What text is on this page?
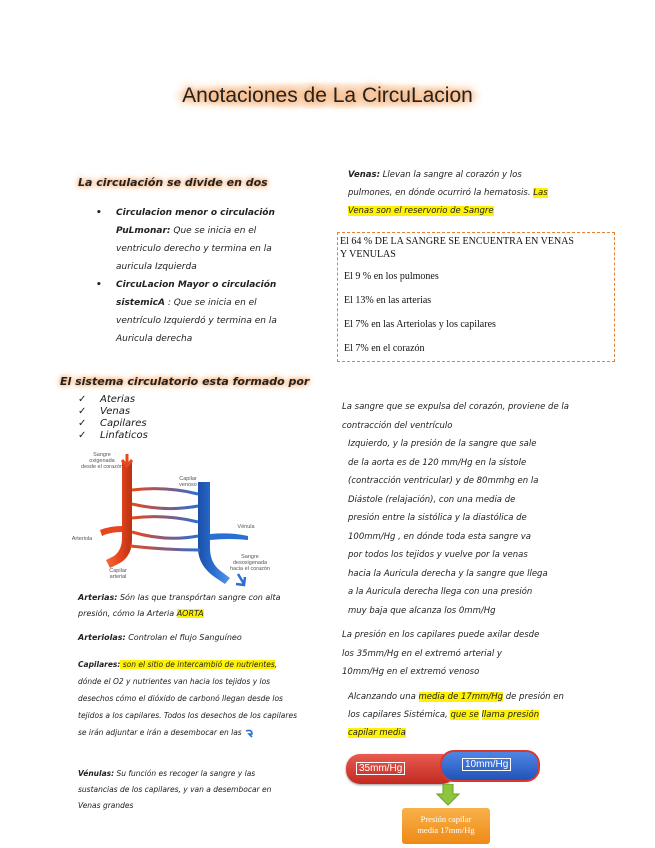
Anotaciones de La CircuLacion
La circulación se divide en dos
• Circulacion menor o circulación PuLmonar: Que se inicia en el ventriculo derecho y termina en la auricula Izquierda
• CircuLacion Mayor o circulación sistemicA : Que se inicia en el ventrículo Izquierdó y termina en la Auricula derecha
El sistema circulatorio esta formado por
✓ Aterias
✓ Venas
✓ Capilares
✓ Linfaticos
Sangre
oxigenada
desde el corazón
Capilar
venoso
Arteriola
Vénula
Capilar
arterial
Sangre
desoxigenada
hacia el corazón
Arterias: Són las que transpórtan sangre con alta presión, cómo la Arteria AORTA
Arteriolas: Controlan el flujo Sanguíneo
Capilares: son el sitio de intercambió de nutrientes, dónde el O2 y nutrientes van hacia los tejidos y los desechos cómo el dióxido de carbonó llegan desde los tejidos a los capilares. Todos los desechos de los capilares se irán adjuntar e irán a desembocar en las
Vénulas: Su función es recoger la sangre y las sustancias de los capilares, y van a desembocar en Venas grandes
Venas: Llevan la sangre al corazón y los pulmones, en dónde ocurriró la hematosis. Las Venas son el reservorio de Sangre
El 64 % DE LA SANGRE SE ENCUENTRA EN VENAS Y VENULAS
El 9 % en los pulmones
El 13% en las arterias
El 7% en las Arteriolas y los capilares
El 7% en el corazón
La sangre que se expulsa del corazón, proviene de la
contracción del ventrículo
Izquierdo, y la presión de la sangre que sale
de la aorta es de 120 mm/Hg en la sístole
(contracción ventricular) y de 80mmhg en la
Diástole (relajación), con una media de
presión entre la sistólica y la diastólica de
100mm/Hg , en dónde toda esta sangre va
por todos los tejidos y vuelve por la venas
hacia la Auricula derecha y la sangre que llega
a la Auricula derecha llega con una presión
muy baja que alcanza los 0mm/Hg
La presión en los capilares puede axilar desde
los 35mm/Hg en el extremó arterial y
10mm/Hg en el extremó venoso
Alcanzando una media de 17mm/Hg de presión en los capilares Sistémica, que se llama presión capilar media
35mm/Hg	10mm/Hg
Presión capilar
media 17mm/Hg
